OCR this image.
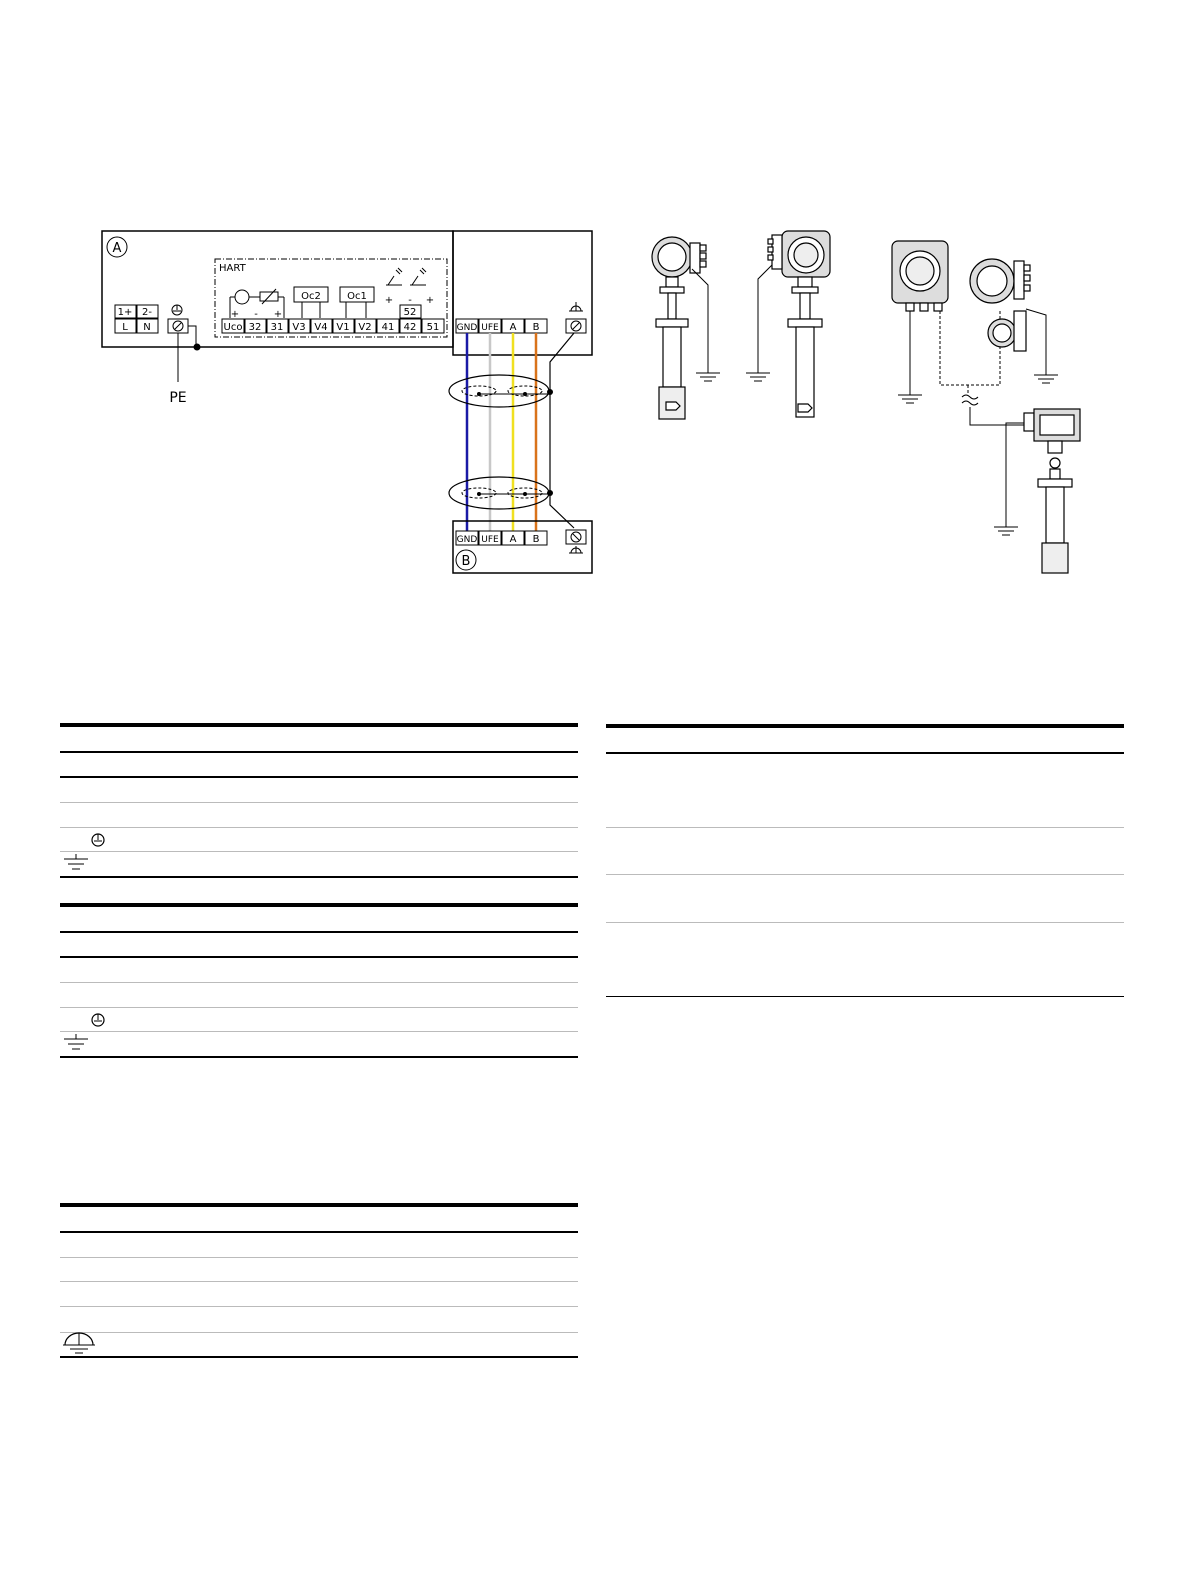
A
HART
Oc2	Oc1 + - +
+ - +	52
1+ 2-
L N
PE
Uco 32 31 V3 V4 V1 V2 41 42 51 GND UFE A B
GND UFE A B
B
